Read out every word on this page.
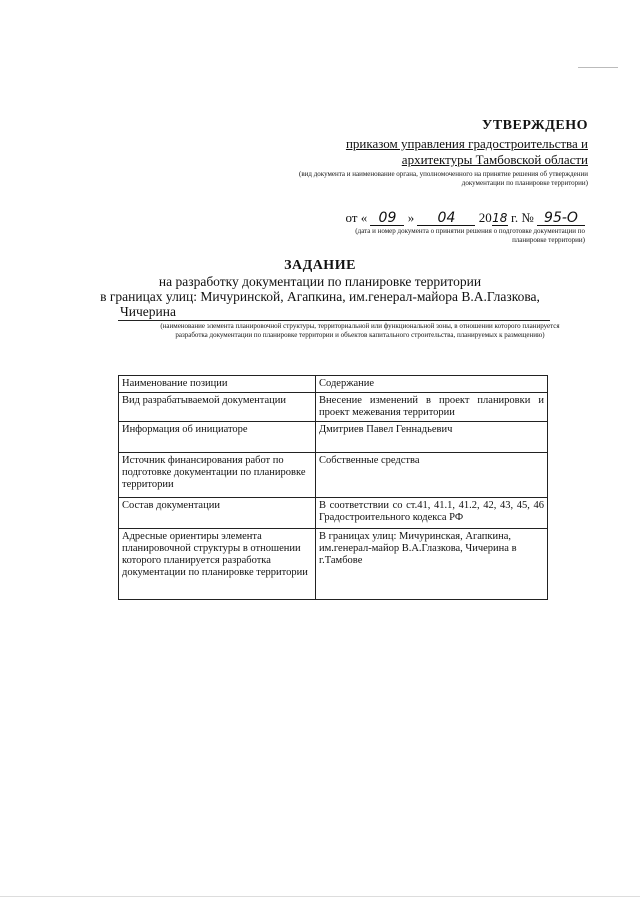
УТВЕРЖДЕНО
приказом управления градостроительства и
архитектуры Тамбовской области
(вид документа и наименование органа, уполномоченного на принятие решения об утверждении документации по планировке территории)
от « 09 » 04 2018 г. № 95-О
(дата и номер документа о принятии решения о подготовке документации по планировке территории)
ЗАДАНИЕ
на разработку документации по планировке территории
в границах улиц: Мичуринской, Агапкина, им.генерал-майора В.А.Глазкова,
Чичерина
(наименование элемента планировочной структуры, территориальной или функциональной зоны, в отношении которого планируется разработка документации по планировке территории и объектов капитального строительства, планируемых к размещению)
Наименование позиции	Содержание
Вид разрабатываемой документации	Внесение изменений в проект планировки и проект межевания территории
Информация об инициаторе	Дмитриев Павел Геннадьевич
Источник финансирования работ по подготовке документации по планировке территории	Собственные средства
Состав документации	В соответствии со ст.41, 41.1, 41.2, 42, 43, 45, 46 Градостроительного кодекса РФ
Адресные ориентиры элемента планировочной структуры в отношении которого планируется разработка документации по планировке территории	В границах улиц: Мичуринская, Агапкина, им.генерал-майор В.А.Глазкова, Чичерина в г.Тамбове
